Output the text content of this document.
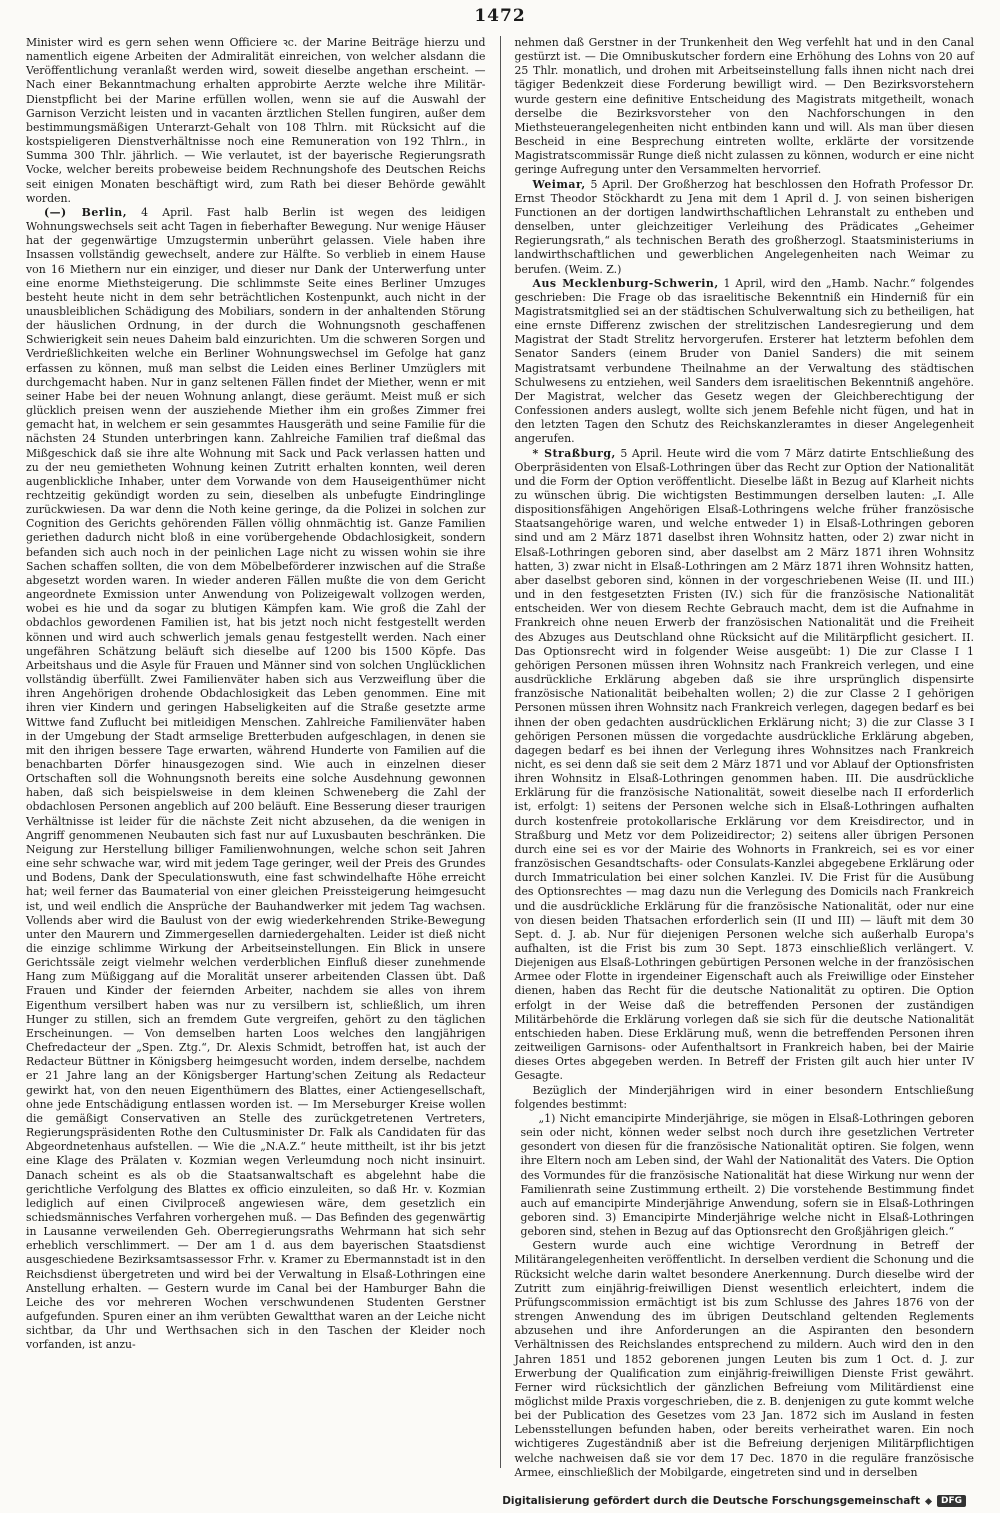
1472

Minister wird es gern sehen wenn Officiere ꝛc. der Marine Beiträge hierzu und namentlich eigene Arbeiten der Admiralität einreichen, von welcher alsdann die Veröffentlichung veranlaßt werden wird, soweit dieselbe angethan erscheint. — Nach einer Bekanntmachung erhalten approbirte Aerzte welche ihre Militär-Dienstpflicht bei der Marine erfüllen wollen, wenn sie auf die Auswahl der Garnison Verzicht leisten und in vacanten ärztlichen Stellen fungiren, außer dem bestimmungsmäßigen Unterarzt-Gehalt von 108 Thlrn. mit Rücksicht auf die kostspieligeren Dienstverhältnisse noch eine Remuneration von 192 Thlrn., in Summa 300 Thlr. jährlich. — Wie verlautet, ist der bayerische Regierungsrath Vocke, welcher bereits probeweise beidem Rechnungshofe des Deutschen Reichs seit einigen Monaten beschäftigt wird, zum Rath bei dieser Behörde gewählt worden.

(—) Berlin, 4 April. Fast halb Berlin ist wegen des leidigen Wohnungswechsels seit acht Tagen in fieberhafter Bewegung. Nur wenige Häuser hat der gegenwärtige Umzugstermin unberührt gelassen. Viele haben ihre Insassen vollständig gewechselt, andere zur Hälfte. So verblieb in einem Hause von 16 Miethern nur ein einziger, und dieser nur Dank der Unterwerfung unter eine enorme Miethsteigerung. Die schlimmste Seite eines Berliner Umzuges besteht heute nicht in dem sehr beträchtlichen Kostenpunkt, auch nicht in der unausbleiblichen Schädigung des Mobiliars, sondern in der anhaltenden Störung der häuslichen Ordnung, in der durch die Wohnungsnoth geschaffenen Schwierigkeit sein neues Daheim bald einzurichten. Um die schweren Sorgen und Verdrießlichkeiten welche ein Berliner Wohnungswechsel im Gefolge hat ganz erfassen zu können, muß man selbst die Leiden eines Berliner Umzüglers mit durchgemacht haben. Nur in ganz seltenen Fällen findet der Miether, wenn er mit seiner Habe bei der neuen Wohnung anlangt, diese geräumt. Meist muß er sich glücklich preisen wenn der ausziehende Miether ihm ein großes Zimmer frei gemacht hat, in welchem er sein gesammtes Hausgeräth und seine Familie für die nächsten 24 Stunden unterbringen kann. Zahlreiche Familien traf dießmal das Mißgeschick daß sie ihre alte Wohnung mit Sack und Pack verlassen hatten und zu der neu gemietheten Wohnung keinen Zutritt erhalten konnten, weil deren augenblickliche Inhaber, unter dem Vorwande von dem Hauseigenthümer nicht rechtzeitig gekündigt worden zu sein, dieselben als unbefugte Eindringlinge zurückwiesen. Da war denn die Noth keine geringe, da die Polizei in solchen zur Cognition des Gerichts gehörenden Fällen völlig ohnmächtig ist. Ganze Familien geriethen dadurch nicht bloß in eine vorübergehende Obdachlosigkeit, sondern befanden sich auch noch in der peinlichen Lage nicht zu wissen wohin sie ihre Sachen schaffen sollten, die von dem Möbelbeförderer inzwischen auf die Straße abgesetzt worden waren. In wieder anderen Fällen mußte die von dem Gericht angeordnete Exmission unter Anwendung von Polizeigewalt vollzogen werden, wobei es hie und da sogar zu blutigen Kämpfen kam. Wie groß die Zahl der obdachlos gewordenen Familien ist, hat bis jetzt noch nicht festgestellt werden können und wird auch schwerlich jemals genau festgestellt werden. Nach einer ungefähren Schätzung beläuft sich dieselbe auf 1200 bis 1500 Köpfe. Das Arbeitshaus und die Asyle für Frauen und Männer sind von solchen Unglücklichen vollständig überfüllt. Zwei Familienväter haben sich aus Verzweiflung über die ihren Angehörigen drohende Obdachlosigkeit das Leben genommen. Eine mit ihren vier Kindern und geringen Habseligkeiten auf die Straße gesetzte arme Wittwe fand Zuflucht bei mitleidigen Menschen. Zahlreiche Familienväter haben in der Umgebung der Stadt armselige Bretterbuden aufgeschlagen, in denen sie mit den ihrigen bessere Tage erwarten, während Hunderte von Familien auf die benachbarten Dörfer hinausgezogen sind. Wie auch in einzelnen dieser Ortschaften soll die Wohnungsnoth bereits eine solche Ausdehnung gewonnen haben, daß sich beispielsweise in dem kleinen Schweneberg die Zahl der obdachlosen Personen angeblich auf 200 beläuft. Eine Besserung dieser traurigen Verhältnisse ist leider für die nächste Zeit nicht abzusehen, da die wenigen in Angriff genommenen Neubauten sich fast nur auf Luxusbauten beschränken. Die Neigung zur Herstellung billiger Familienwohnungen, welche schon seit Jahren eine sehr schwache war, wird mit jedem Tage geringer, weil der Preis des Grundes und Bodens, Dank der Speculationswuth, eine fast schwindelhafte Höhe erreicht hat; weil ferner das Baumaterial von einer gleichen Preissteigerung heimgesucht ist, und weil endlich die Ansprüche der Bauhandwerker mit jedem Tag wachsen. Vollends aber wird die Baulust von der ewig wiederkehrenden Strike-Bewegung unter den Maurern und Zimmergesellen darniedergehalten. Leider ist dieß nicht die einzige schlimme Wirkung der Arbeitseinstellungen. Ein Blick in unsere Gerichtssäle zeigt vielmehr welchen verderblichen Einfluß dieser zunehmende Hang zum Müßiggang auf die Moralität unserer arbeitenden Classen übt. Daß Frauen und Kinder der feiernden Arbeiter, nachdem sie alles von ihrem Eigenthum versilbert haben was nur zu versilbern ist, schließlich, um ihren Hunger zu stillen, sich an fremdem Gute vergreifen, gehört zu den täglichen Erscheinungen. — Von demselben harten Loos welches den langjährigen Chefredacteur der „Spen. Ztg.“, Dr. Alexis Schmidt, betroffen hat, ist auch der Redacteur Büttner in Königsberg heimgesucht worden, indem derselbe, nachdem er 21 Jahre lang an der Königsberger Hartung'schen Zeitung als Redacteur gewirkt hat, von den neuen Eigenthümern des Blattes, einer Actiengesellschaft, ohne jede Entschädigung entlassen worden ist. — Im Merseburger Kreise wollen die gemäßigt Conservativen an Stelle des zurückgetretenen Vertreters, Regierungspräsidenten Rothe den Cultusminister Dr. Falk als Candidaten für das Abgeordnetenhaus aufstellen. — Wie die „N.A.Z.“ heute mittheilt, ist ihr bis jetzt eine Klage des Prälaten v. Kozmian wegen Verleumdung noch nicht insinuirt. Danach scheint es als ob die Staatsanwaltschaft es abgelehnt habe die gerichtliche Verfolgung des Blattes ex officio einzuleiten, so daß Hr. v. Kozmian lediglich auf einen Civilproceß angewiesen wäre, dem gesetzlich ein schiedsmännisches Verfahren vorhergehen muß. — Das Befinden des gegenwärtig in Lausanne verweilenden Geh. Oberregierungsraths Wehrmann hat sich sehr erheblich verschlimmert. — Der am 1 d. aus dem bayerischen Staatsdienst ausgeschiedene Bezirksamtsassessor Frhr. v. Kramer zu Ebermannstadt ist in den Reichsdienst übergetreten und wird bei der Verwaltung in Elsaß-Lothringen eine Anstellung erhalten. — Gestern wurde im Canal bei der Hamburger Bahn die Leiche des vor mehreren Wochen verschwundenen Studenten Gerstner aufgefunden. Spuren einer an ihm verübten Gewaltthat waren an der Leiche nicht sichtbar, da Uhr und Werthsachen sich in den Taschen der Kleider noch vorfanden, ist anzu-

nehmen daß Gerstner in der Trunkenheit den Weg verfehlt hat und in den Canal gestürzt ist. — Die Omnibuskutscher fordern eine Erhöhung des Lohns von 20 auf 25 Thlr. monatlich, und drohen mit Arbeitseinstellung falls ihnen nicht nach drei tägiger Bedenkzeit diese Forderung bewilligt wird. — Den Bezirksvorstehern wurde gestern eine definitive Entscheidung des Magistrats mitgetheilt, wonach derselbe die Bezirksvorsteher von den Nachforschungen in den Miethsteuerangelegenheiten nicht entbinden kann und will. Als man über diesen Bescheid in eine Besprechung eintreten wollte, erklärte der vorsitzende Magistratscommissär Runge dieß nicht zulassen zu können, wodurch er eine nicht geringe Aufregung unter den Versammelten hervorrief.

Weimar, 5 April. Der Großherzog hat beschlossen den Hofrath Professor Dr. Ernst Theodor Stöckhardt zu Jena mit dem 1 April d. J. von seinen bisherigen Functionen an der dortigen landwirthschaftlichen Lehranstalt zu entheben und denselben, unter gleichzeitiger Verleihung des Prädicates „Geheimer Regierungsrath,“ als technischen Berath des großherzogl. Staatsministeriums in landwirthschaftlichen und gewerblichen Angelegenheiten nach Weimar zu berufen. (Weim. Z.)

Aus Mecklenburg-Schwerin, 1 April, wird den „Hamb. Nachr.“ folgendes geschrieben: Die Frage ob das israelitische Bekenntniß ein Hinderniß für ein Magistratsmitglied sei an der städtischen Schulverwaltung sich zu betheiligen, hat eine ernste Differenz zwischen der strelitzischen Landesregierung und dem Magistrat der Stadt Strelitz hervorgerufen. Ersterer hat letzterm befohlen dem Senator Sanders (einem Bruder von Daniel Sanders) die mit seinem Magistratsamt verbundene Theilnahme an der Verwaltung des städtischen Schulwesens zu entziehen, weil Sanders dem israelitischen Bekenntniß angehöre. Der Magistrat, welcher das Gesetz wegen der Gleichberechtigung der Confessionen anders auslegt, wollte sich jenem Befehle nicht fügen, und hat in den letzten Tagen den Schutz des Reichskanzleramtes in dieser Angelegenheit angerufen.

* Straßburg, 5 April. Heute wird die vom 7 März datirte Entschließung des Oberpräsidenten von Elsaß-Lothringen über das Recht zur Option der Nationalität und die Form der Option veröffentlicht. Dieselbe läßt in Bezug auf Klarheit nichts zu wünschen übrig. Die wichtigsten Bestimmungen derselben lauten: „I. Alle dispositionsfähigen Angehörigen Elsaß-Lothringens welche früher französische Staatsangehörige waren, und welche entweder 1) in Elsaß-Lothringen geboren sind und am 2 März 1871 daselbst ihren Wohnsitz hatten, oder 2) zwar nicht in Elsaß-Lothringen geboren sind, aber daselbst am 2 März 1871 ihren Wohnsitz hatten, 3) zwar nicht in Elsaß-Lothringen am 2 März 1871 ihren Wohnsitz hatten, aber daselbst geboren sind, können in der vorgeschriebenen Weise (II. und III.) und in den festgesetzten Fristen (IV.) sich für die französische Nationalität entscheiden. Wer von diesem Rechte Gebrauch macht, dem ist die Aufnahme in Frankreich ohne neuen Erwerb der französischen Nationalität und die Freiheit des Abzuges aus Deutschland ohne Rücksicht auf die Militärpflicht gesichert. II. Das Optionsrecht wird in folgender Weise ausgeübt: 1) Die zur Classe I 1 gehörigen Personen müssen ihren Wohnsitz nach Frankreich verlegen, und eine ausdrückliche Erklärung abgeben daß sie ihre ursprünglich dispensirte französische Nationalität beibehalten wollen; 2) die zur Classe 2 I gehörigen Personen müssen ihren Wohnsitz nach Frankreich verlegen, dagegen bedarf es bei ihnen der oben gedachten ausdrücklichen Erklärung nicht; 3) die zur Classe 3 I gehörigen Personen müssen die vorgedachte ausdrückliche Erklärung abgeben, dagegen bedarf es bei ihnen der Verlegung ihres Wohnsitzes nach Frankreich nicht, es sei denn daß sie seit dem 2 März 1871 und vor Ablauf der Optionsfristen ihren Wohnsitz in Elsaß-Lothringen genommen haben. III. Die ausdrückliche Erklärung für die französische Nationalität, soweit dieselbe nach II erforderlich ist, erfolgt: 1) seitens der Personen welche sich in Elsaß-Lothringen aufhalten durch kostenfreie protokollarische Erklärung vor dem Kreisdirector, und in Straßburg und Metz vor dem Polizeidirector; 2) seitens aller übrigen Personen durch eine sei es vor der Mairie des Wohnorts in Frankreich, sei es vor einer französischen Gesandtschafts- oder Consulats-Kanzlei abgegebene Erklärung oder durch Immatriculation bei einer solchen Kanzlei. IV. Die Frist für die Ausübung des Optionsrechtes — mag dazu nun die Verlegung des Domicils nach Frankreich und die ausdrückliche Erklärung für die französische Nationalität, oder nur eine von diesen beiden Thatsachen erforderlich sein (II und III) — läuft mit dem 30 Sept. d. J. ab. Nur für diejenigen Personen welche sich außerhalb Europa's aufhalten, ist die Frist bis zum 30 Sept. 1873 einschließlich verlängert. V. Diejenigen aus Elsaß-Lothringen gebürtigen Personen welche in der französischen Armee oder Flotte in irgendeiner Eigenschaft auch als Freiwillige oder Einsteher dienen, haben das Recht für die deutsche Nationalität zu optiren. Die Option erfolgt in der Weise daß die betreffenden Personen der zuständigen Militärbehörde die Erklärung vorlegen daß sie sich für die deutsche Nationalität entschieden haben. Diese Erklärung muß, wenn die betreffenden Personen ihren zeitweiligen Garnisons- oder Aufenthaltsort in Frankreich haben, bei der Mairie dieses Ortes abgegeben werden. In Betreff der Fristen gilt auch hier unter IV Gesagte.

Bezüglich der Minderjährigen wird in einer besondern Entschließung folgendes bestimmt:

„1) Nicht emancipirte Minderjährige, sie mögen in Elsaß-Lothringen geboren sein oder nicht, können weder selbst noch durch ihre gesetzlichen Vertreter gesondert von diesen für die französische Nationalität optiren. Sie folgen, wenn ihre Eltern noch am Leben sind, der Wahl der Nationalität des Vaters. Die Option des Vormundes für die französische Nationalität hat diese Wirkung nur wenn der Familienrath seine Zustimmung ertheilt. 2) Die vorstehende Bestimmung findet auch auf emancipirte Minderjährige Anwendung, sofern sie in Elsaß-Lothringen geboren sind. 3) Emancipirte Minderjährige welche nicht in Elsaß-Lothringen geboren sind, stehen in Bezug auf das Optionsrecht den Großjährigen gleich.“

Gestern wurde auch eine wichtige Verordnung in Betreff der Militärangelegenheiten veröffentlicht. In derselben verdient die Schonung und die Rücksicht welche darin waltet besondere Anerkennung. Durch dieselbe wird der Zutritt zum einjährig-freiwilligen Dienst wesentlich erleichtert, indem die Prüfungscommission ermächtigt ist bis zum Schlusse des Jahres 1876 von der strengen Anwendung des im übrigen Deutschland geltenden Reglements abzusehen und ihre Anforderungen an die Aspiranten den besondern Verhältnissen des Reichslandes entsprechend zu mildern. Auch wird den in den Jahren 1851 und 1852 geborenen jungen Leuten bis zum 1 Oct. d. J. zur Erwerbung der Qualification zum einjährig-freiwilligen Dienste Frist gewährt. Ferner wird rücksichtlich der gänzlichen Befreiung vom Militärdienst eine möglichst milde Praxis vorgeschrieben, die z. B. denjenigen zu gute kommt welche bei der Publication des Gesetzes vom 23 Jan. 1872 sich im Ausland in festen Lebensstellungen befunden haben, oder bereits verheirathet waren. Ein noch wichtigeres Zugeständniß aber ist die Befreiung derjenigen Militärpflichtigen welche nachweisen daß sie vor dem 17 Dec. 1870 in die reguläre französische Armee, einschließlich der Mobilgarde, eingetreten sind und in derselben

Digitalisierung gefördert durch die Deutsche Forschungsgemeinschaft	DFG
